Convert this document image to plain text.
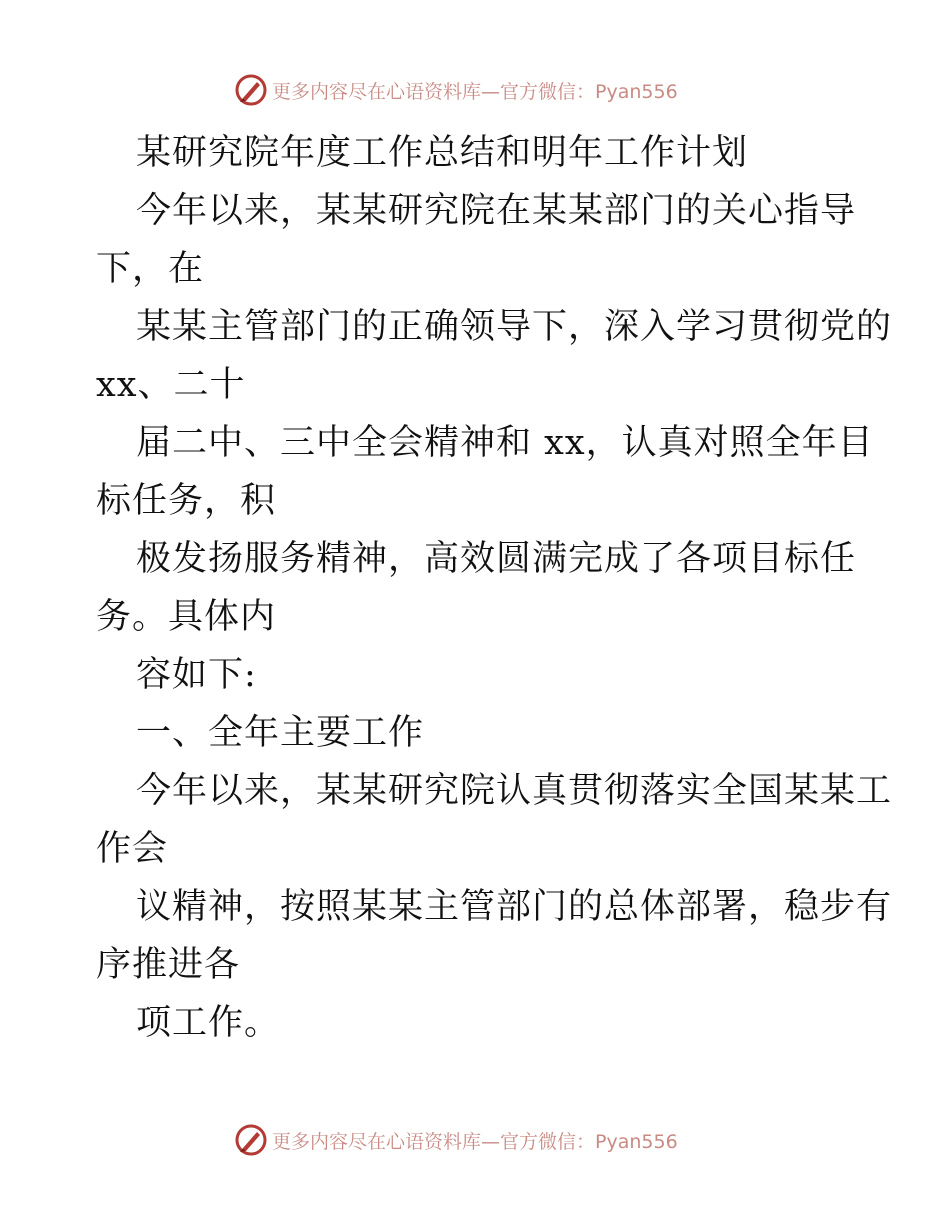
更多内容尽在心语资料库—官方微信：Pyan556
某研究院年度工作总结和明年工作计划
今年以来，某某研究院在某某部门的关心指导
下，在
某某主管部门的正确领导下，深入学习贯彻党的
xx、二十
届二中、三中全会精神和 xx，认真对照全年目
标任务，积
极发扬服务精神，高效圆满完成了各项目标任
务。具体内
容如下:
一、全年主要工作
今年以来，某某研究院认真贯彻落实全国某某工
作会
议精神，按照某某主管部门的总体部署，稳步有
序推进各
项工作。
更多内容尽在心语资料库—官方微信：Pyan556
